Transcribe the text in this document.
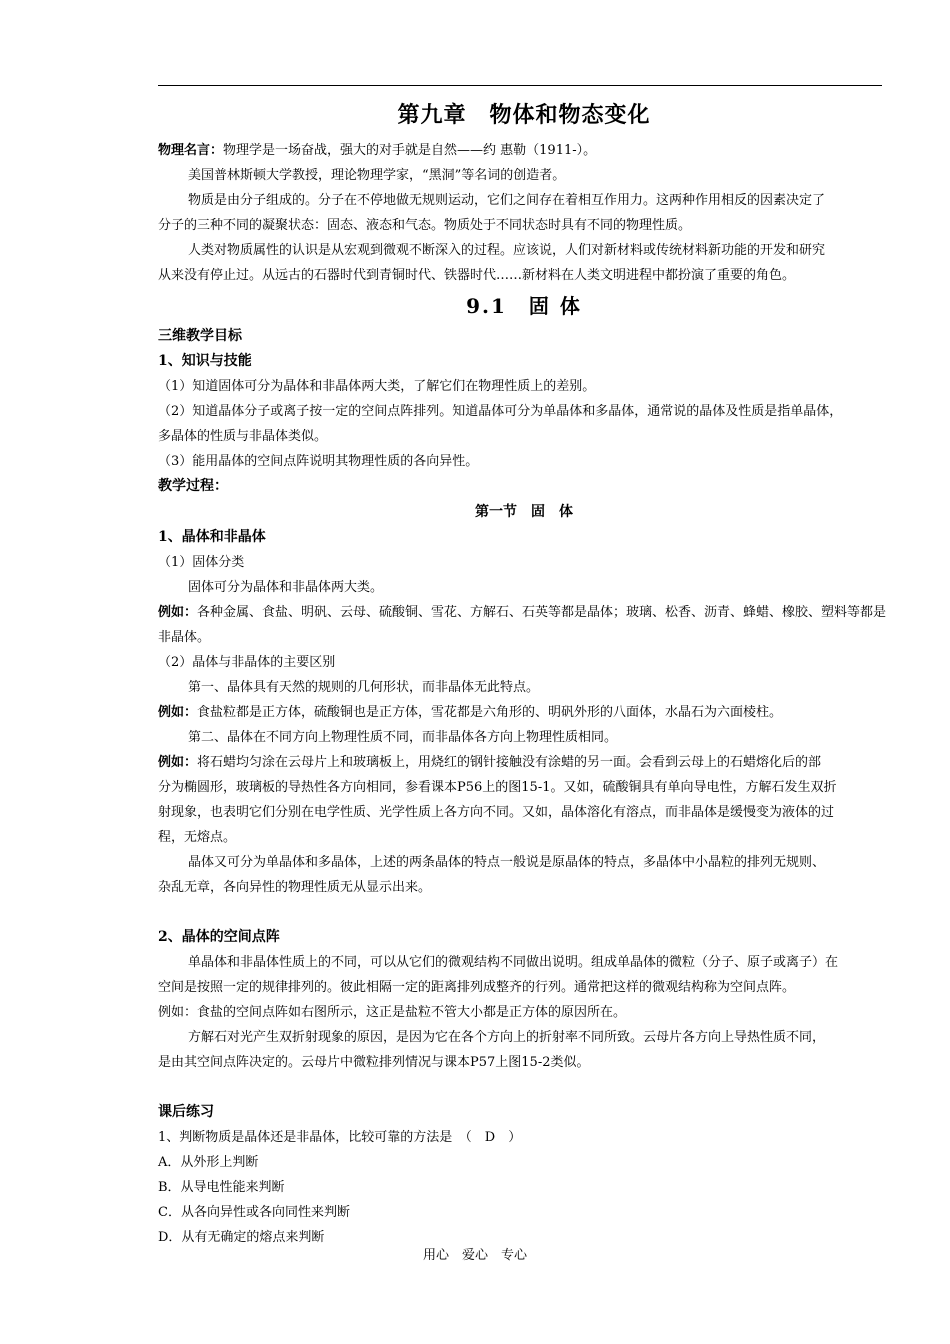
第九章　物体和物态变化
物理名言：物理学是一场奋战，强大的对手就是自然——约 惠勒（1911-）。
美国普林斯顿大学教授，理论物理学家，“黑洞”等名词的创造者。
物质是由分子组成的。分子在不停地做无规则运动，它们之间存在着相互作用力。这两种作用相反的因素决定了
分子的三种不同的凝聚状态：固态、液态和气态。物质处于不同状态时具有不同的物理性质。
人类对物质属性的认识是从宏观到微观不断深入的过程。应该说，人们对新材料或传统材料新功能的开发和研究
从来没有停止过。从远古的石器时代到青铜时代、铁器时代……新材料在人类文明进程中都扮演了重要的角色。
9.1　固 体
三维教学目标
1、知识与技能
（1）知道固体可分为晶体和非晶体两大类，了解它们在物理性质上的差别。
（2）知道晶体分子或离子按一定的空间点阵排列。知道晶体可分为单晶体和多晶体，通常说的晶体及性质是指单晶体，
多晶体的性质与非晶体类似。
（3）能用晶体的空间点阵说明其物理性质的各向异性。
教学过程：
第一节　固　体
1、晶体和非晶体
（1）固体分类
固体可分为晶体和非晶体两大类。
例如：各种金属、食盐、明矾、云母、硫酸铜、雪花、方解石、石英等都是晶体；玻璃、松香、沥青、蜂蜡、橡胶、塑料等都是
非晶体。
（2）晶体与非晶体的主要区别
第一、晶体具有天然的规则的几何形状，而非晶体无此特点。
例如：食盐粒都是正方体，硫酸铜也是正方体，雪花都是六角形的、明矾外形的八面体，水晶石为六面棱柱。
第二、晶体在不同方向上物理性质不同，而非晶体各方向上物理性质相同。
例如：将石蜡均匀涂在云母片上和玻璃板上，用烧红的钢针接触没有涂蜡的另一面。会看到云母上的石蜡熔化后的部
分为椭圆形，玻璃板的导热性各方向相同，参看课本P56上的图15-1。又如，硫酸铜具有单向导电性，方解石发生双折
射现象，也表明它们分别在电学性质、光学性质上各方向不同。又如，晶体溶化有溶点，而非晶体是缓慢变为液体的过
程，无熔点。
晶体又可分为单晶体和多晶体，上述的两条晶体的特点一般说是原晶体的特点，多晶体中小晶粒的排列无规则、
杂乱无章，各向异性的物理性质无从显示出来。
2、晶体的空间点阵
单晶体和非晶体性质上的不同，可以从它们的微观结构不同做出说明。组成单晶体的微粒（分子、原子或离子）在
空间是按照一定的规律排列的。彼此相隔一定的距离排列成整齐的行列。通常把这样的微观结构称为空间点阵。
例如：食盐的空间点阵如右图所示，这正是盐粒不管大小都是正方体的原因所在。
方解石对光产生双折射现象的原因，是因为它在各个方向上的折射率不同所致。云母片各方向上导热性质不同，
是由其空间点阵决定的。云母片中微粒排列情况与课本P57上图15-2类似。
课后练习
1、判断物质是晶体还是非晶体，比较可靠的方法是　（　D　）
A．从外形上判断
B．从导电性能来判断
C．从各向异性或各向同性来判断
D．从有无确定的熔点来判断
用心　爱心　专心
